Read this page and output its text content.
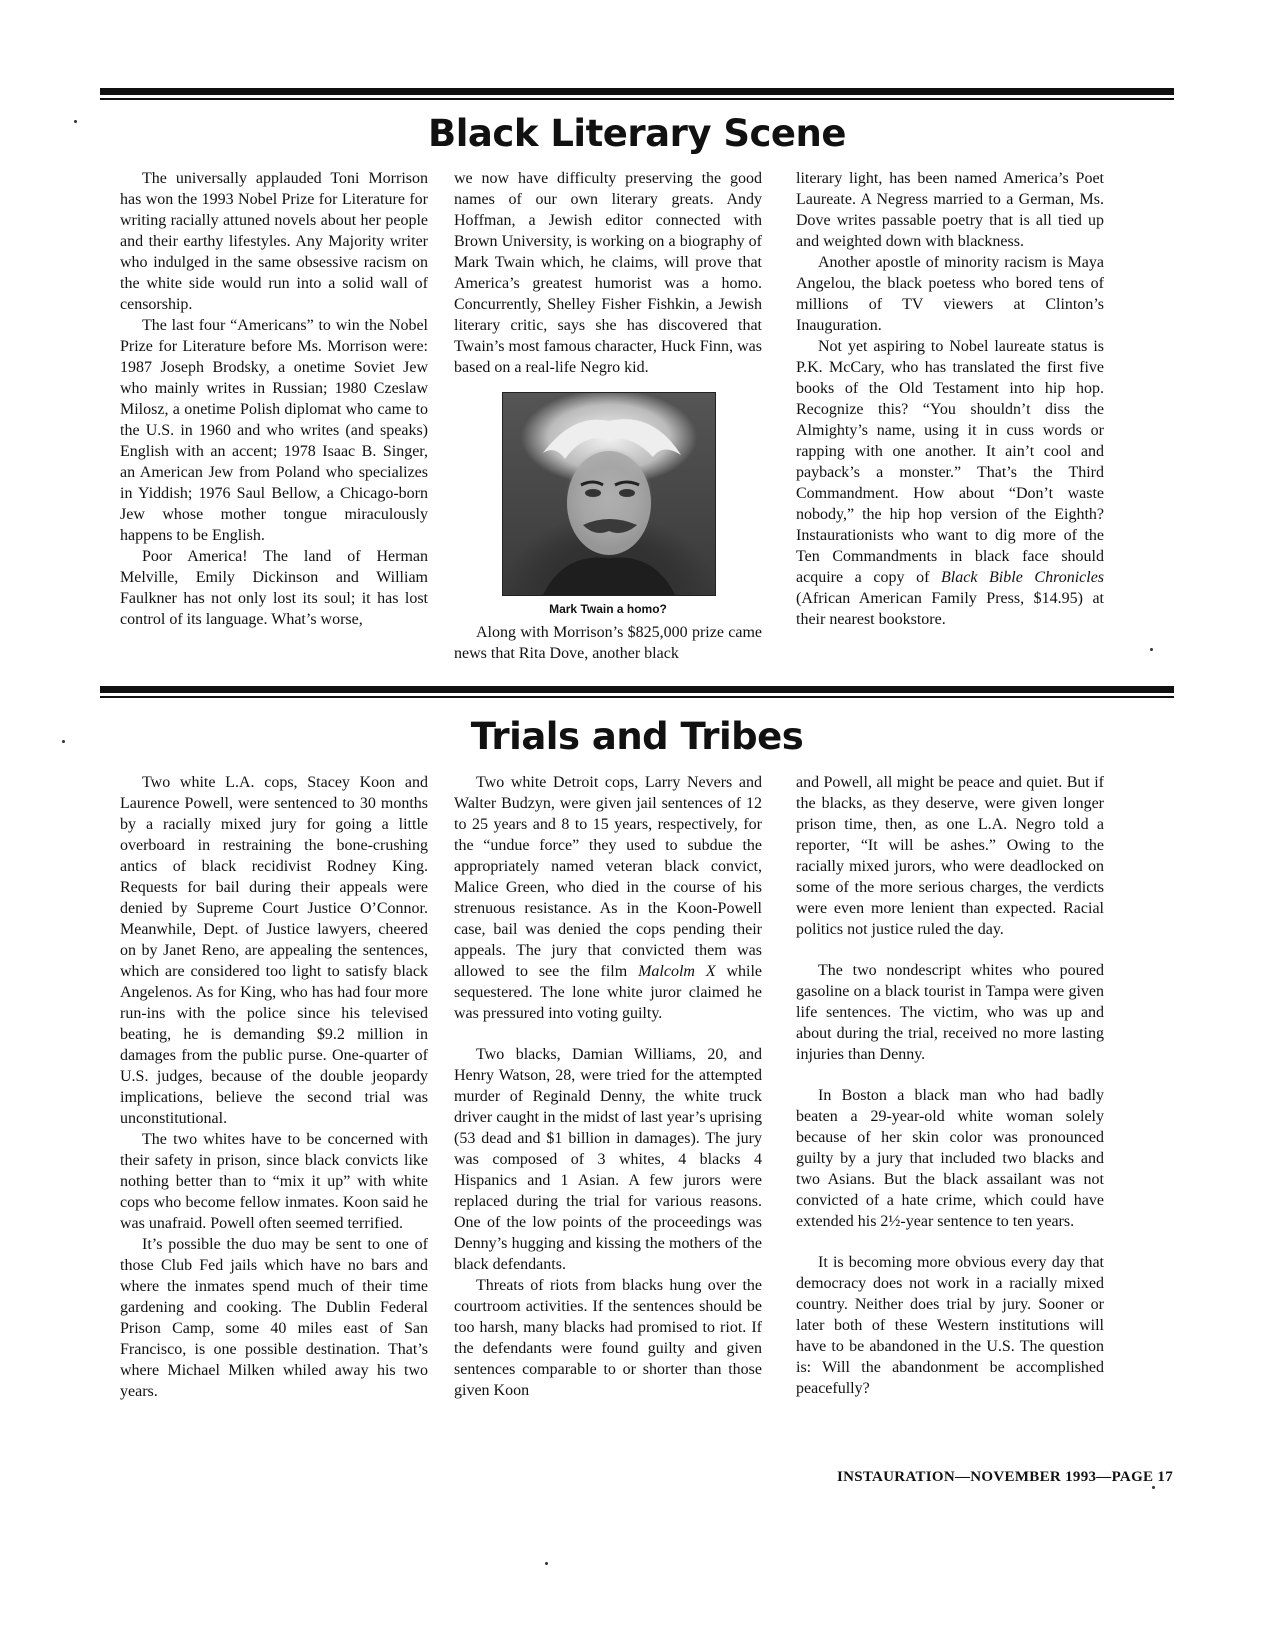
Black Literary Scene

The universally applauded Toni Morrison has won the 1993 Nobel Prize for Literature for writing racially attuned novels about her people and their earthy lifestyles. Any Majority writer who indulged in the same obsessive racism on the white side would run into a solid wall of censorship.

The last four “Americans” to win the Nobel Prize for Literature before Ms. Morrison were: 1987 Joseph Brodsky, a onetime Soviet Jew who mainly writes in Russian; 1980 Czeslaw Milosz, a onetime Polish diplomat who came to the U.S. in 1960 and who writes (and speaks) English with an accent; 1978 Isaac B. Singer, an American Jew from Poland who specializes in Yiddish; 1976 Saul Bellow, a Chicago-born Jew whose mother tongue miraculously happens to be English.

Poor America! The land of Herman Melville, Emily Dickinson and William Faulkner has not only lost its soul; it has lost control of its language. What’s worse,

we now have difficulty preserving the good names of our own literary greats. Andy Hoffman, a Jewish editor connected with Brown University, is working on a biography of Mark Twain which, he claims, will prove that America’s greatest humorist was a homo. Concurrently, Shelley Fisher Fishkin, a Jewish literary critic, says she has discovered that Twain’s most famous character, Huck Finn, was based on a real-life Negro kid.

Mark Twain a homo?

Along with Morrison’s $825,000 prize came news that Rita Dove, another black

literary light, has been named America’s Poet Laureate. A Negress married to a German, Ms. Dove writes passable poetry that is all tied up and weighted down with blackness.

Another apostle of minority racism is Maya Angelou, the black poetess who bored tens of millions of TV viewers at Clinton’s Inauguration.

Not yet aspiring to Nobel laureate status is P.K. McCary, who has translated the first five books of the Old Testament into hip hop. Recognize this? “You shouldn’t diss the Almighty’s name, using it in cuss words or rapping with one another. It ain’t cool and payback’s a monster.” That’s the Third Commandment. How about “Don’t waste nobody,” the hip hop version of the Eighth? Instaurationists who want to dig more of the Ten Commandments in black face should acquire a copy of Black Bible Chronicles (African American Family Press, $14.95) at their nearest bookstore.

Trials and Tribes

Two white L.A. cops, Stacey Koon and Laurence Powell, were sentenced to 30 months by a racially mixed jury for going a little overboard in restraining the bone-crushing antics of black recidivist Rodney King. Requests for bail during their appeals were denied by Supreme Court Justice O’Connor. Meanwhile, Dept. of Justice lawyers, cheered on by Janet Reno, are appealing the sentences, which are considered too light to satisfy black Angelenos. As for King, who has had four more run-ins with the police since his televised beating, he is demanding $9.2 million in damages from the public purse. One-quarter of U.S. judges, because of the double jeopardy implications, believe the second trial was unconstitutional.

The two whites have to be concerned with their safety in prison, since black convicts like nothing better than to “mix it up” with white cops who become fellow inmates. Koon said he was unafraid. Powell often seemed terrified.

It’s possible the duo may be sent to one of those Club Fed jails which have no bars and where the inmates spend much of their time gardening and cooking. The Dublin Federal Prison Camp, some 40 miles east of San Francisco, is one possible destination. That’s where Michael Milken whiled away his two years.

Two white Detroit cops, Larry Nevers and Walter Budzyn, were given jail sentences of 12 to 25 years and 8 to 15 years, respectively, for the “undue force” they used to subdue the appropriately named veteran black convict, Malice Green, who died in the course of his strenuous resistance. As in the Koon-Powell case, bail was denied the cops pending their appeals. The jury that convicted them was allowed to see the film Malcolm X while sequestered. The lone white juror claimed he was pressured into voting guilty.

Two blacks, Damian Williams, 20, and Henry Watson, 28, were tried for the attempted murder of Reginald Denny, the white truck driver caught in the midst of last year’s uprising (53 dead and $1 billion in damages). The jury was composed of 3 whites, 4 blacks 4 Hispanics and 1 Asian. A few jurors were replaced during the trial for various reasons. One of the low points of the proceedings was Denny’s hugging and kissing the mothers of the black defendants.

Threats of riots from blacks hung over the courtroom activities. If the sentences should be too harsh, many blacks had promised to riot. If the defendants were found guilty and given sentences comparable to or shorter than those given Koon

and Powell, all might be peace and quiet. But if the blacks, as they deserve, were given longer prison time, then, as one L.A. Negro told a reporter, “It will be ashes.” Owing to the racially mixed jurors, who were deadlocked on some of the more serious charges, the verdicts were even more lenient than expected. Racial politics not justice ruled the day.

The two nondescript whites who poured gasoline on a black tourist in Tampa were given life sentences. The victim, who was up and about during the trial, received no more lasting injuries than Denny.

In Boston a black man who had badly beaten a 29-year-old white woman solely because of her skin color was pronounced guilty by a jury that included two blacks and two Asians. But the black assailant was not convicted of a hate crime, which could have extended his 2½-year sentence to ten years.

It is becoming more obvious every day that democracy does not work in a racially mixed country. Neither does trial by jury. Sooner or later both of these Western institutions will have to be abandoned in the U.S. The question is: Will the abandonment be accomplished peacefully?

INSTAURATION—NOVEMBER 1993—PAGE 17
